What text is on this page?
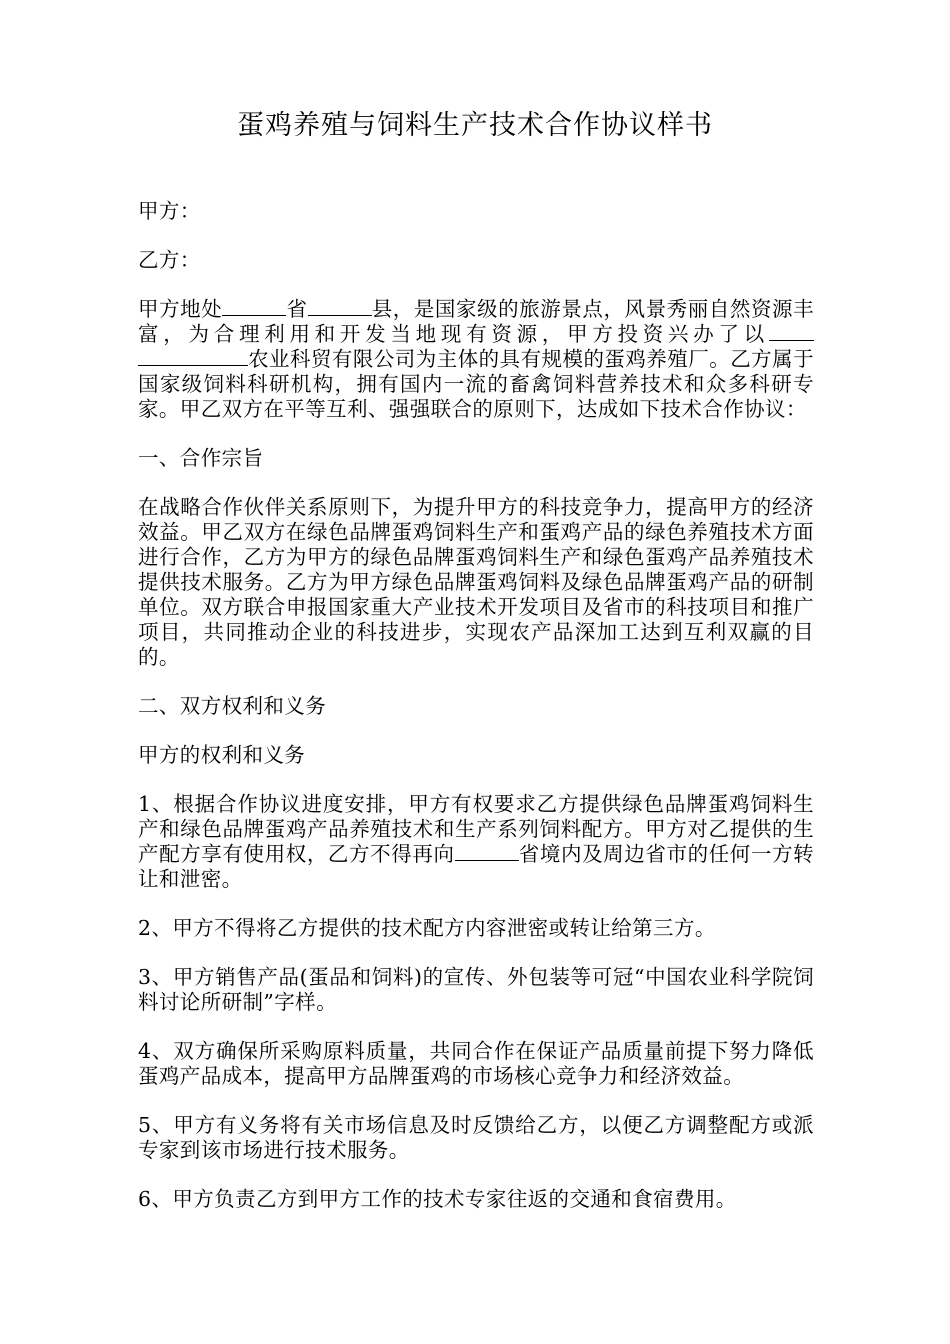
蛋鸡养殖与饲料生产技术合作协议样书

甲方：

乙方：

甲方地处	省	县，是国家级的旅游景点，风景秀丽自然资源丰富，为合理利用和开发当地现有资源，甲方投资兴办了以农业科贸有限公司为主体的具有规模的蛋鸡养殖厂。乙方属于国家级饲料科研机构，拥有国内一流的畜禽饲料营养技术和众多科研专家。甲乙双方在平等互利、强强联合的原则下，达成如下技术合作协议：

一、合作宗旨

在战略合作伙伴关系原则下，为提升甲方的科技竞争力，提高甲方的经济效益。甲乙双方在绿色品牌蛋鸡饲料生产和蛋鸡产品的绿色养殖技术方面进行合作，乙方为甲方的绿色品牌蛋鸡饲料生产和绿色蛋鸡产品养殖技术提供技术服务。乙方为甲方绿色品牌蛋鸡饲料及绿色品牌蛋鸡产品的研制单位。双方联合申报国家重大产业技术开发项目及省市的科技项目和推广项目，共同推动企业的科技进步，实现农产品深加工达到互利双赢的目的。

二、双方权利和义务

甲方的权利和义务

1、根据合作协议进度安排，甲方有权要求乙方提供绿色品牌蛋鸡饲料生产和绿色品牌蛋鸡产品养殖技术和生产系列饲料配方。甲方对乙提供的生产配方享有使用权，乙方不得再向	省境内及周边省市的任何一方转让和泄密。

2、甲方不得将乙方提供的技术配方内容泄密或转让给第三方。

3、甲方销售产品(蛋品和饲料)的宣传、外包装等可冠“中国农业科学院饲料讨论所研制”字样。

4、双方确保所采购原料质量，共同合作在保证产品质量前提下努力降低蛋鸡产品成本，提高甲方品牌蛋鸡的市场核心竞争力和经济效益。

5、甲方有义务将有关市场信息及时反馈给乙方，以便乙方调整配方或派专家到该市场进行技术服务。

6、甲方负责乙方到甲方工作的技术专家往返的交通和食宿费用。
